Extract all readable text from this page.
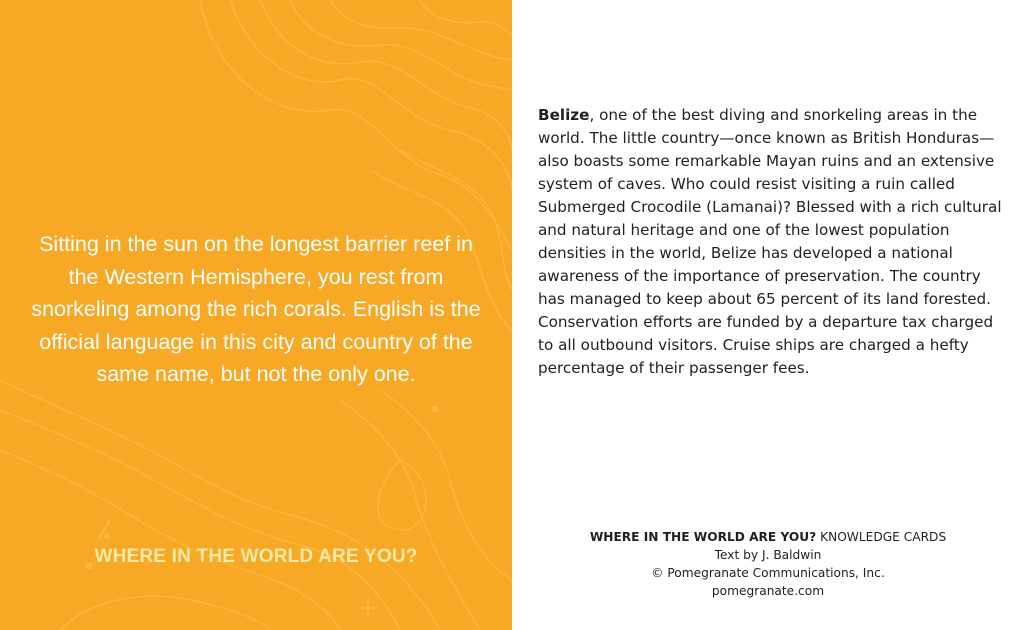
Sitting in the sun on the longest barrier reef in the Western Hemisphere, you rest from snorkeling among the rich corals. English is the official language in this city and country of the same name, but not the only one.

WHERE IN THE WORLD ARE YOU?

Belize, one of the best diving and snorkeling areas in the world. The little country—once known as British Honduras—also boasts some remarkable Mayan ruins and an extensive system of caves. Who could resist visiting a ruin called Submerged Crocodile (Lamanai)? Blessed with a rich cultural and natural heritage and one of the lowest population densities in the world, Belize has developed a national awareness of the importance of preservation. The country has managed to keep about 65 percent of its land forested. Conservation efforts are funded by a departure tax charged to all outbound visitors. Cruise ships are charged a hefty percentage of their passenger fees.

WHERE IN THE WORLD ARE YOU? KNOWLEDGE CARDS
Text by J. Baldwin
© Pomegranate Communications, Inc.
pomegranate.com
